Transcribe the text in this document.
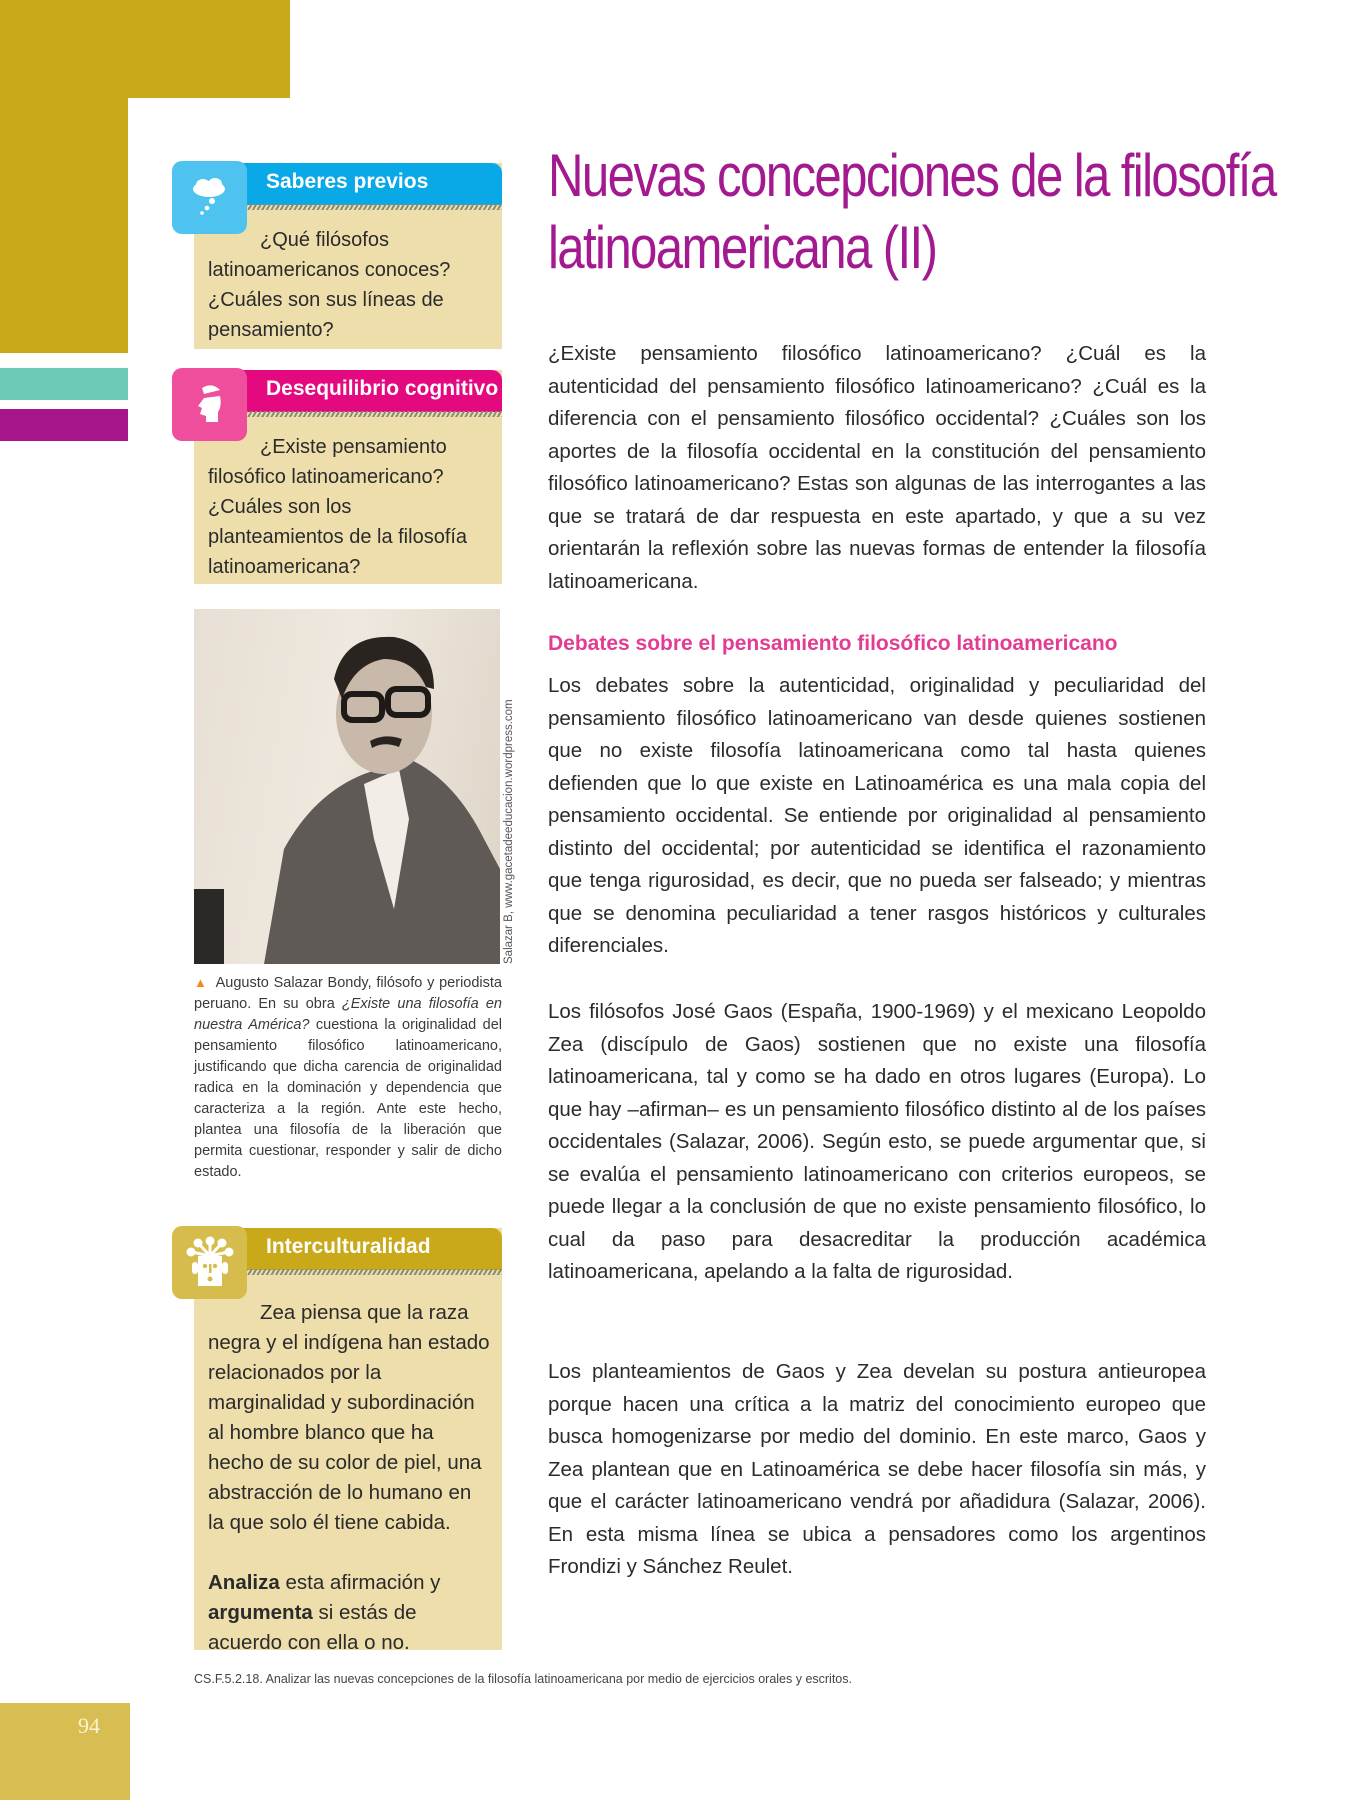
Saberes previos
¿Qué filósofos latinoamericanos conoces? ¿Cuáles son sus líneas de pensamiento?
Desequilibrio cognitivo
¿Existe pensamiento filosófico latinoamericano? ¿Cuáles son los planteamientos de la filosofía latinoamericana?
Salazar B, www.gacetadeeducacion.wordpress.com
▲ Augusto Salazar Bondy, filósofo y periodista peruano. En su obra ¿Existe una filosofía en nuestra América? cuestiona la originalidad del pensamiento filosófico latinoamericano, justificando que dicha carencia de originalidad radica en la dominación y dependencia que caracteriza a la región. Ante este hecho, plantea una filosofía de la liberación que permita cuestionar, responder y salir de dicho estado.
Interculturalidad
Zea piensa que la raza negra y el indígena han estado relacionados por la marginalidad y subordinación al hombre blanco que ha hecho de su color de piel, una abstracción de lo humano en la que solo él tiene cabida.
Analiza esta afirmación y argumenta si estás de acuerdo con ella o no.
Nuevas concepciones de la filosofía
latinoamericana (II)
¿Existe pensamiento filosófico latinoamericano? ¿Cuál es la autenticidad del pensamiento filosófico latinoamericano? ¿Cuál es la diferencia con el pensamiento filosófico occidental? ¿Cuáles son los aportes de la filosofía occidental en la constitución del pensamiento filosófico latinoamericano? Estas son algunas de las interrogantes a las que se tratará de dar respuesta en este apartado, y que a su vez orientarán la reflexión sobre las nuevas formas de entender la filosofía latinoamericana.
Debates sobre el pensamiento filosófico latinoamericano
Los debates sobre la autenticidad, originalidad y peculiaridad del pensamiento filosófico latinoamericano van desde quienes sostienen que no existe filosofía latinoamericana como tal hasta quienes defienden que lo que existe en Latinoamérica es una mala copia del pensamiento occidental. Se entiende por originalidad al pensamiento distinto del occidental; por autenticidad se identifica el razonamiento que tenga rigurosidad, es decir, que no pueda ser falseado; y mientras que se denomina peculiaridad a tener rasgos históricos y culturales diferenciales.
Los filósofos José Gaos (España, 1900-1969) y el mexicano Leopoldo Zea (discípulo de Gaos) sostienen que no existe una filosofía latinoamericana, tal y como se ha dado en otros lugares (Europa). Lo que hay –afirman– es un pensamiento filosófico distinto al de los países occidentales (Salazar, 2006). Según esto, se puede argumentar que, si se evalúa el pensamiento latinoamericano con criterios europeos, se puede llegar a la conclusión de que no existe pensamiento filosófico, lo cual da paso para desacreditar la producción académica latinoamericana, apelando a la falta de rigurosidad.
Los planteamientos de Gaos y Zea develan su postura antieuropea porque hacen una crítica a la matriz del conocimiento europeo que busca homogenizarse por medio del dominio. En este marco, Gaos y Zea plantean que en Latinoamérica se debe hacer filosofía sin más, y que el carácter latinoamericano vendrá por añadidura (Salazar, 2006). En esta misma línea se ubica a pensadores como los argentinos Frondizi y Sánchez Reulet.
CS.F.5.2.18. Analizar las nuevas concepciones de la filosofía latinoamericana por medio de ejercicios orales y escritos.
94
